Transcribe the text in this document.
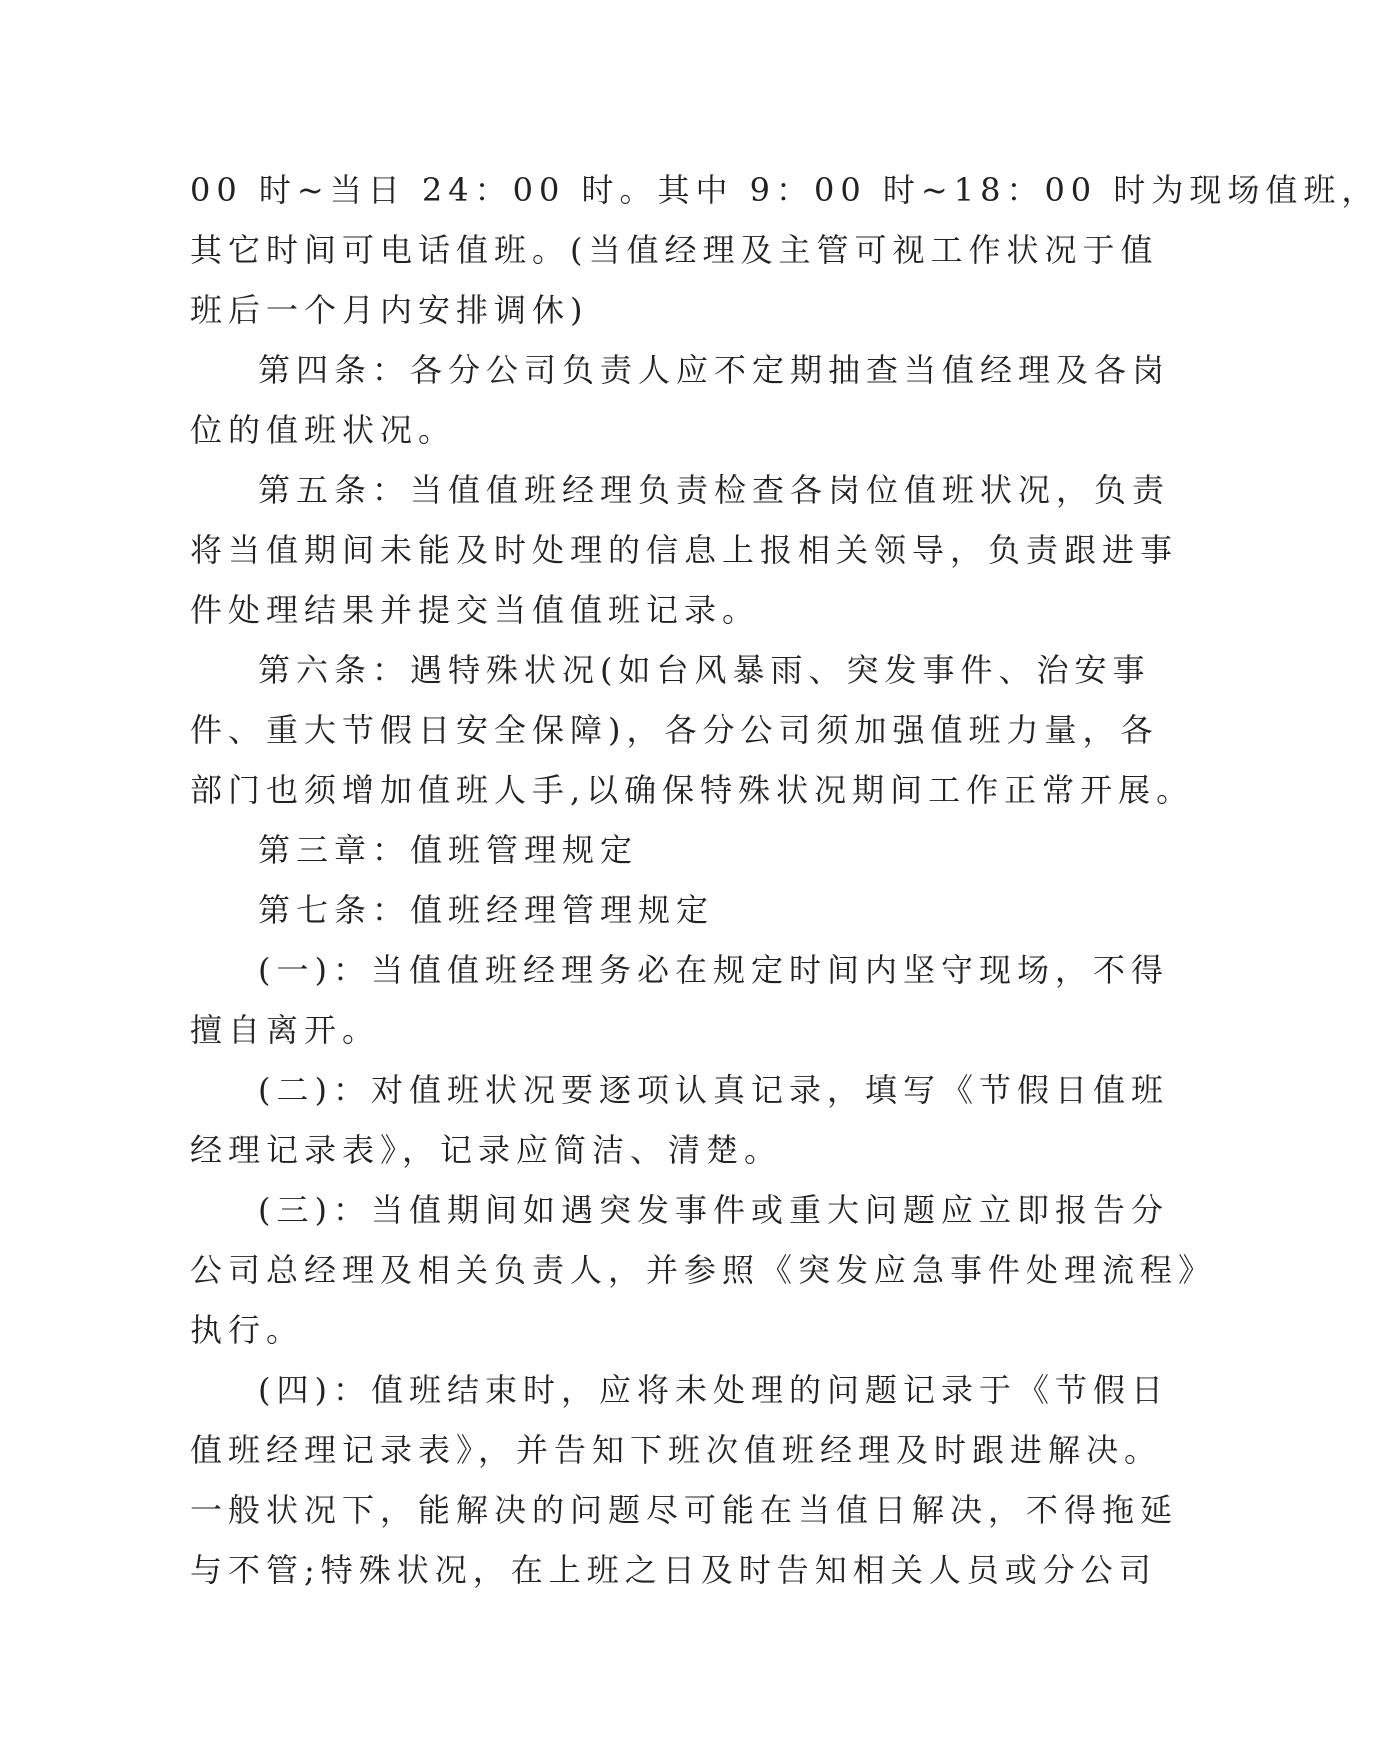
00 时~当日 24：00 时。其中 9：00 时~18：00 时为现场值班，
其它时间可电话值班。(当值经理及主管可视工作状况于值
班后一个月内安排调休)
第四条：各分公司负责人应不定期抽查当值经理及各岗
位的值班状况。
第五条：当值值班经理负责检查各岗位值班状况，负责
将当值期间未能及时处理的信息上报相关领导，负责跟进事
件处理结果并提交当值值班记录。
第六条：遇特殊状况(如台风暴雨、突发事件、治安事
件、重大节假日安全保障)，各分公司须加强值班力量，各
部门也须增加值班人手,以确保特殊状况期间工作正常开展。
第三章：值班管理规定
第七条：值班经理管理规定
(一)：当值值班经理务必在规定时间内坚守现场，不得
擅自离开。
(二)：对值班状况要逐项认真记录，填写《节假日值班
经理记录表》，记录应简洁、清楚。
(三)：当值期间如遇突发事件或重大问题应立即报告分
公司总经理及相关负责人，并参照《突发应急事件处理流程》
执行。
(四)：值班结束时，应将未处理的问题记录于《节假日
值班经理记录表》，并告知下班次值班经理及时跟进解决。
一般状况下，能解决的问题尽可能在当值日解决，不得拖延
与不管;特殊状况，在上班之日及时告知相关人员或分公司
